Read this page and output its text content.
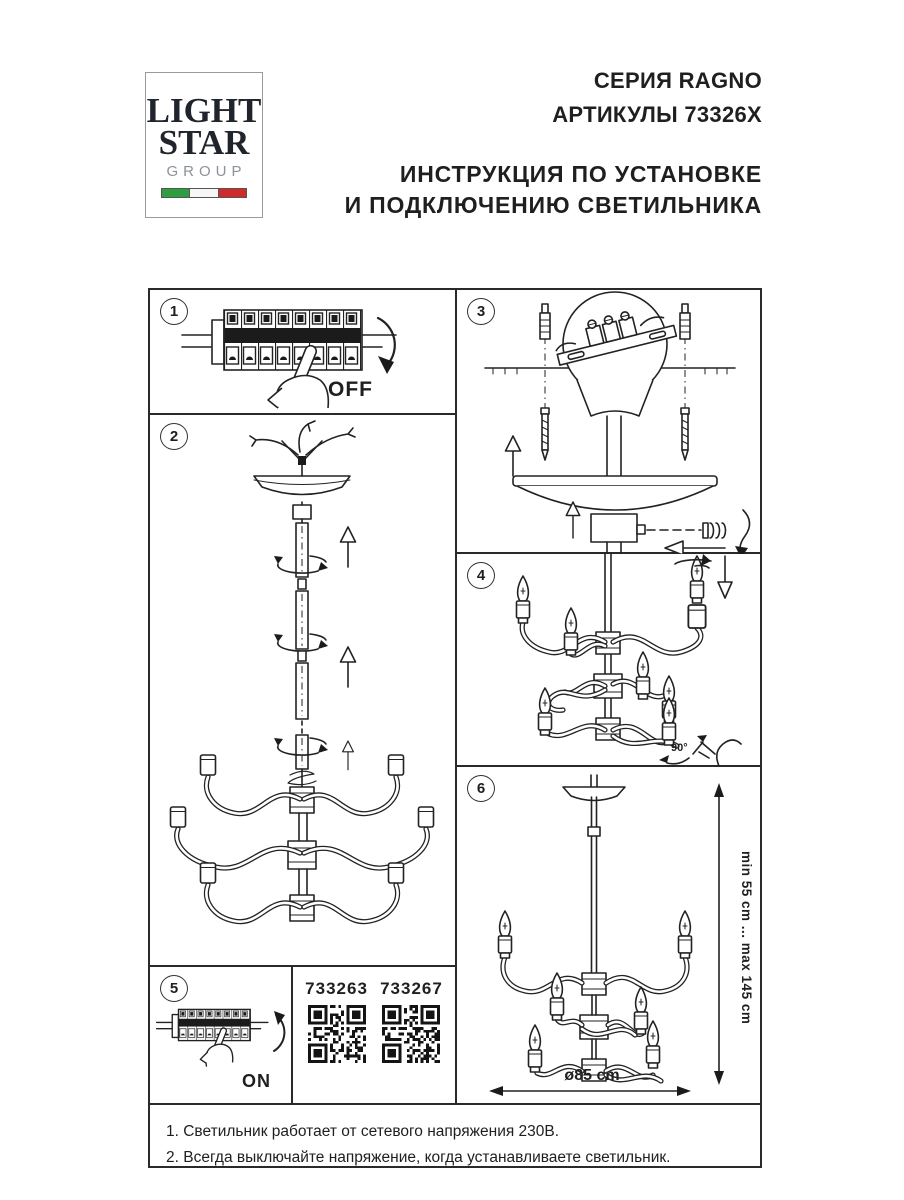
LIGHT
STAR
GROUP
СЕРИЯ RAGNO
АРТИКУЛЫ 73326X
ИНСТРУКЦИЯ ПО УСТАНОВКЕ
И ПОДКЛЮЧЕНИЮ СВЕТИЛЬНИКА
1
OFF
2
3
4
90°
5
ON
733263 733267
6
min 55 cm ... max 145 cm
ø85 cm
1. Светильник работает от сетевого напряжения 230В.
2. Всегда выключайте напряжение, когда устанавливаете светильник.
